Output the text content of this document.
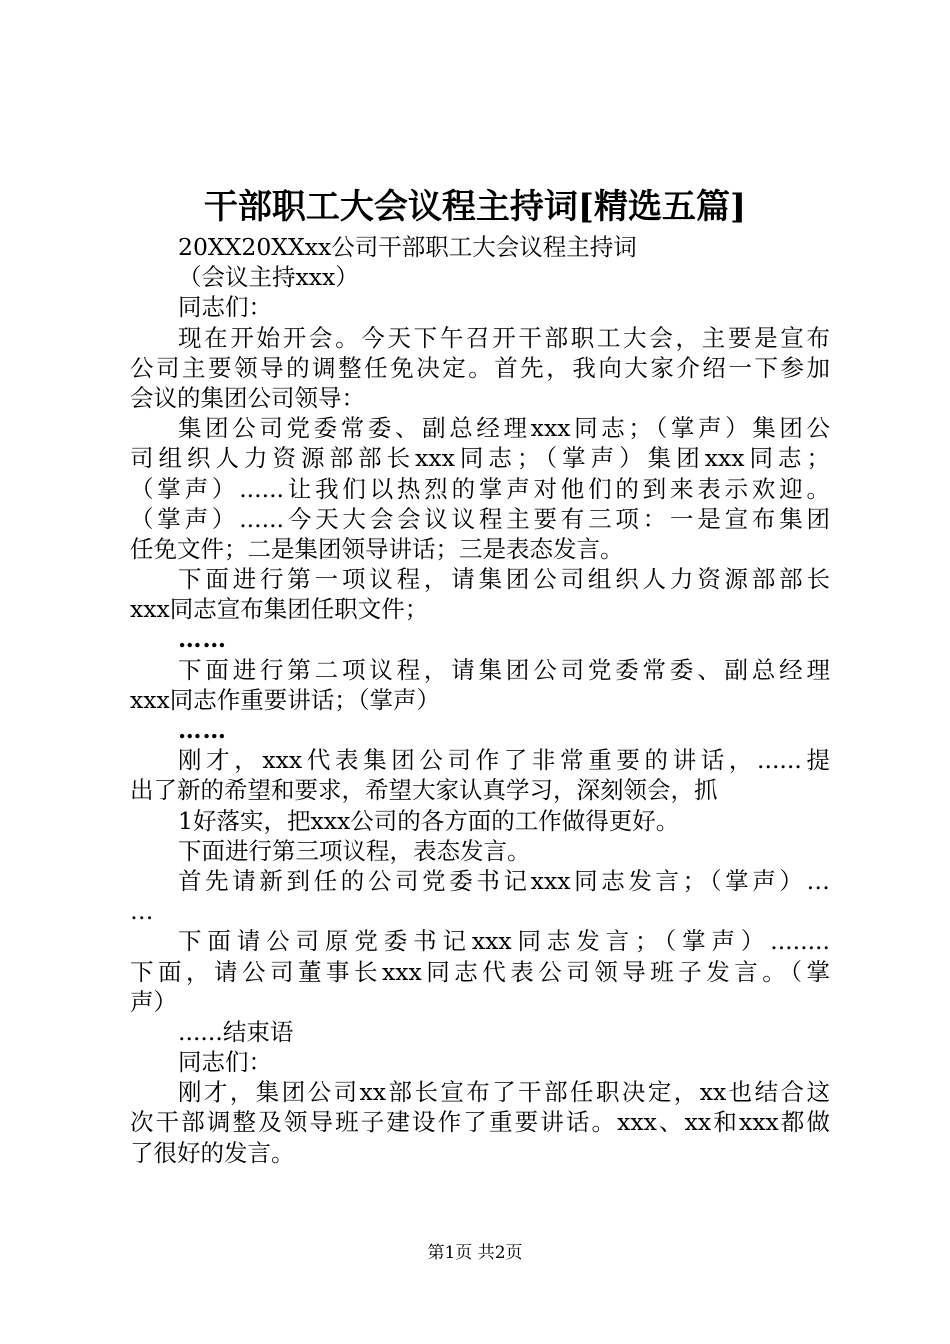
干部职工大会议程主持词[精选五篇]
20XX20XXxx公司干部职工大会议程主持词
（会议主持xxx）
同志们：
现在开始开会。今天下午召开干部职工大会，主要是宣布
公司主要领导的调整任免决定。首先，我向大家介绍一下参加
会议的集团公司领导：
集团公司党委常委、副总经理xxx同志；（掌声）集团公
司组织人力资源部部长xxx同志；（掌声）集团xxx同志；
（掌声）......让我们以热烈的掌声对他们的到来表示欢迎。
（掌声）......今天大会会议议程主要有三项：一是宣布集团
任免文件；二是集团领导讲话；三是表态发言。
下面进行第一项议程，请集团公司组织人力资源部部长
xxx同志宣布集团任职文件；
……
下面进行第二项议程，请集团公司党委常委、副总经理
xxx同志作重要讲话；（掌声）
……
刚才，xxx代表集团公司作了非常重要的讲话，......提
出了新的希望和要求，希望大家认真学习，深刻领会，抓
1好落实，把xxx公司的各方面的工作做得更好。
下面进行第三项议程，表态发言。
首先请新到任的公司党委书记xxx同志发言；（掌声）…
…
下面请公司原党委书记xxx同志发言；（掌声）........
下面，请公司董事长xxx同志代表公司领导班子发言。（掌
声）
......结束语
同志们：
刚才，集团公司xx部长宣布了干部任职决定，xx也结合这
次干部调整及领导班子建设作了重要讲话。xxx、xx和xxx都做
了很好的发言。
第1页 共2页
